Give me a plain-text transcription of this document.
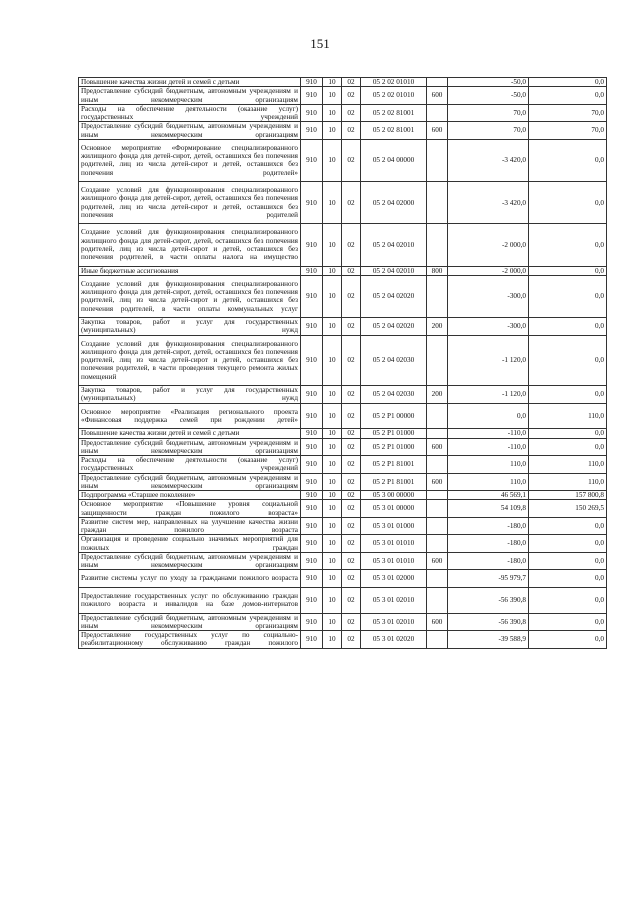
151
Повышение качества жизни детей и семей с детьми	910	10	02	05 2 02 01010		-50,0	0,0
Предоставление субсидий бюджетным, автономным учреждениям и иным некоммерческим организациям	910	10	02	05 2 02 01010	600	-50,0	0,0
Расходы на обеспечение деятельности (оказание услуг) государственных учреждений	910	10	02	05 2 02 81001		70,0	70,0
Предоставление субсидий бюджетным, автономным учреждениям и иным некоммерческим организациям	910	10	02	05 2 02 81001	600	70,0	70,0
Основное мероприятие «Формирование специализированного жилищного фонда для детей-сирот, детей, оставшихся без попечения родителей, лиц из числа детей-сирот и детей, оставшихся без попечения родителей»	910	10	02	05 2 04 00000		-3 420,0	0,0
Создание условий для функционирования специализированного жилищного фонда для детей-сирот, детей, оставшихся без попечения родителей, лиц из числа детей-сирот и детей, оставшихся без попечения родителей	910	10	02	05 2 04 02000		-3 420,0	0,0
Создание условий для функционирования специализированного жилищного фонда для детей-сирот, детей, оставшихся без попечения родителей, лиц из числа детей-сирот и детей, оставшихся без попечения родителей, в части оплаты налога на имущество	910	10	02	05 2 04 02010		-2 000,0	0,0
Иные бюджетные ассигнования	910	10	02	05 2 04 02010	800	-2 000,0	0,0
Создание условий для функционирования специализированного жилищного фонда для детей-сирот, детей, оставшихся без попечения родителей, лиц из числа детей-сирот и детей, оставшихся без попечения родителей, в части оплаты коммунальных услуг	910	10	02	05 2 04 02020		-300,0	0,0
Закупка товаров, работ и услуг для государственных (муниципальных) нужд	910	10	02	05 2 04 02020	200	-300,0	0,0
Создание условий для функционирования специализированного жилищного фонда для детей-сирот, детей, оставшихся без попечения родителей, лиц из числа детей-сирот и детей, оставшихся без попечения родителей, в части проведения текущего ремонта жилых помещений	910	10	02	05 2 04 02030		-1 120,0	0,0
Закупка товаров, работ и услуг для государственных (муниципальных) нужд	910	10	02	05 2 04 02030	200	-1 120,0	0,0
Основное мероприятие «Реализация регионального проекта «Финансовая поддержка семей при рождении детей»	910	10	02	05 2 P1 00000		0,0	110,0
Повышение качества жизни детей и семей с детьми	910	10	02	05 2 P1 01000		-110,0	0,0
Предоставление субсидий бюджетным, автономным учреждениям и иным некоммерческим организациям	910	10	02	05 2 P1 01000	600	-110,0	0,0
Расходы на обеспечение деятельности (оказание услуг) государственных учреждений	910	10	02	05 2 P1 81001		110,0	110,0
Предоставление субсидий бюджетным, автономным учреждениям и иным некоммерческим организациям	910	10	02	05 2 P1 81001	600	110,0	110,0
Подпрограмма «Старшее поколение»	910	10	02	05 3 00 00000		46 569,1	157 800,8
Основное мероприятие «Повышение уровня социальной защищенности граждан пожилого возраста»	910	10	02	05 3 01 00000		54 109,8	150 269,5
Развитие систем мер, направленных на улучшение качества жизни граждан пожилого возраста	910	10	02	05 3 01 01000		-180,0	0,0
Организация и проведение социально значимых мероприятий для пожилых граждан	910	10	02	05 3 01 01010		-180,0	0,0
Предоставление субсидий бюджетным, автономным учреждениям и иным некоммерческим организациям	910	10	02	05 3 01 01010	600	-180,0	0,0
Развитие системы услуг по уходу за гражданами пожилого возраста	910	10	02	05 3 01 02000		-95 979,7	0,0
Предоставление государственных услуг по обслуживанию граждан пожилого возраста и инвалидов на базе домов-интернатов	910	10	02	05 3 01 02010		-56 390,8	0,0
Предоставление субсидий бюджетным, автономным учреждениям и иным некоммерческим организациям	910	10	02	05 3 01 02010	600	-56 390,8	0,0
Предоставление государственных услуг по социально-реабилитационному обслуживанию граждан пожилого	910	10	02	05 3 01 02020		-39 588,9	0,0
